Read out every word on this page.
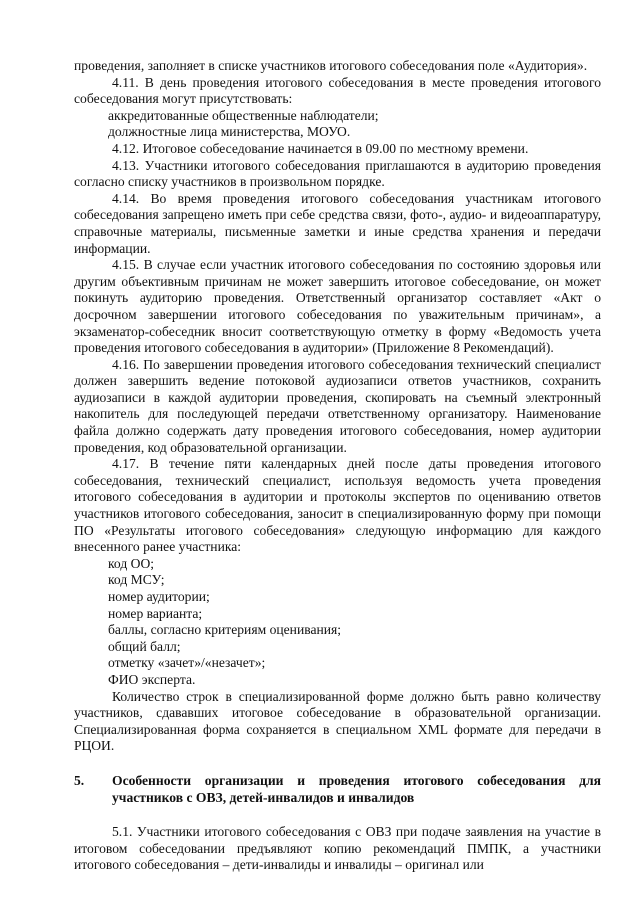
проведения, заполняет в списке участников итогового собеседования поле «Аудитория».

4.11. В день проведения итогового собеседования в месте проведения итогового собеседования могут присутствовать:

аккредитованные общественные наблюдатели;
должностные лица министерства, МОУО.

4.12. Итоговое собеседование начинается в 09.00 по местному времени.

4.13. Участники итогового собеседования приглашаются в аудиторию проведения согласно списку участников в произвольном порядке.

4.14. Во время проведения итогового собеседования участникам итогового собеседования запрещено иметь при себе средства связи, фото-, аудио- и видеоаппаратуру, справочные материалы, письменные заметки и иные средства хранения и передачи информации.

4.15. В случае если участник итогового собеседования по состоянию здоровья или другим объективным причинам не может завершить итоговое собеседование, он может покинуть аудиторию проведения. Ответственный организатор составляет «Акт о досрочном завершении итогового собеседования по уважительным причинам», а экзаменатор-собеседник вносит соответствующую отметку в форму «Ведомость учета проведения итогового собеседования в аудитории» (Приложение 8 Рекомендаций).

4.16. По завершении проведения итогового собеседования технический специалист должен завершить ведение потоковой аудиозаписи ответов участников, сохранить аудиозаписи в каждой аудитории проведения, скопировать на съемный электронный накопитель для последующей передачи ответственному организатору. Наименование файла должно содержать дату проведения итогового собеседования, номер аудитории проведения, код образовательной организации.

4.17. В течение пяти календарных дней после даты проведения итогового собеседования, технический специалист, используя ведомость учета проведения итогового собеседования в аудитории и протоколы экспертов по оцениванию ответов участников итогового собеседования, заносит в специализированную форму при помощи ПО «Результаты итогового собеседования» следующую информацию для каждого внесенного ранее участника:

код ОО;
код МСУ;
номер аудитории;
номер варианта;
баллы, согласно критериям оценивания;
общий балл;
отметку «зачет»/«незачет»;
ФИО эксперта.

Количество строк в специализированной форме должно быть равно количеству участников, сдававших итоговое собеседование в образовательной организации. Специализированная форма сохраняется в специальном XML формате для передачи в РЦОИ.

5.	Особенности организации и проведения итогового собеседования для участников с ОВЗ, детей-инвалидов и инвалидов

5.1. Участники итогового собеседования с ОВЗ при подаче заявления на участие в итоговом собеседовании предъявляют копию рекомендаций ПМПК, а участники итогового собеседования – дети-инвалиды и инвалиды – оригинал или
